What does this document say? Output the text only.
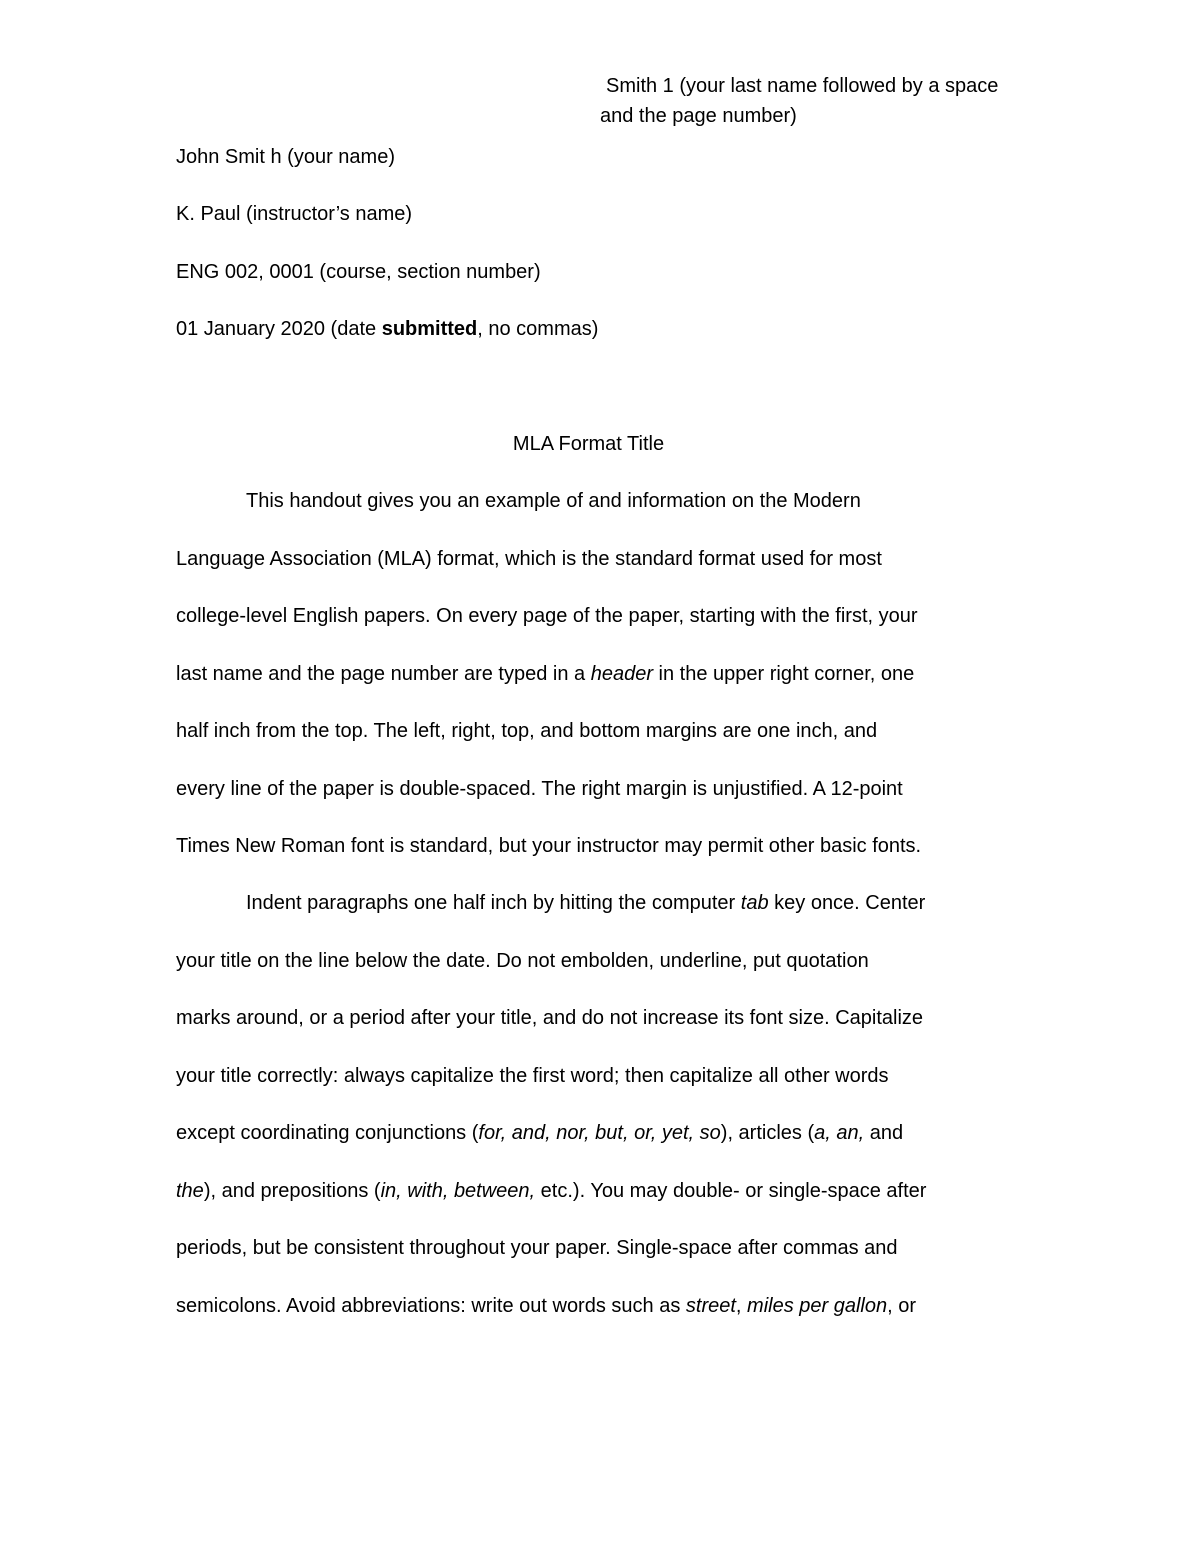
Smith 1 (your last name followed by a space
and the page number)
John Smit h (your name)
K. Paul (instructor’s name)
ENG 002, 0001 (course, section number)
01 January 2020 (date submitted, no commas)
MLA Format Title
This handout gives you an example of and information on the Modern
Language Association (MLA) format, which is the standard format used for most
college-level English papers. On every page of the paper, starting with the first, your
last name and the page number are typed in a header in the upper right corner, one
half inch from the top. The left, right, top, and bottom margins are one inch, and
every line of the paper is double-spaced. The right margin is unjustified. A 12-point
Times New Roman font is standard, but your instructor may permit other basic fonts.
Indent paragraphs one half inch by hitting the computer tab key once. Center
your title on the line below the date. Do not embolden, underline, put quotation
marks around, or a period after your title, and do not increase its font size. Capitalize
your title correctly: always capitalize the first word; then capitalize all other words
except coordinating conjunctions (for, and, nor, but, or, yet, so), articles (a, an, and
the), and prepositions (in, with, between, etc.). You may double- or single-space after
periods, but be consistent throughout your paper. Single-space after commas and
semicolons. Avoid abbreviations: write out words such as street, miles per gallon, or
